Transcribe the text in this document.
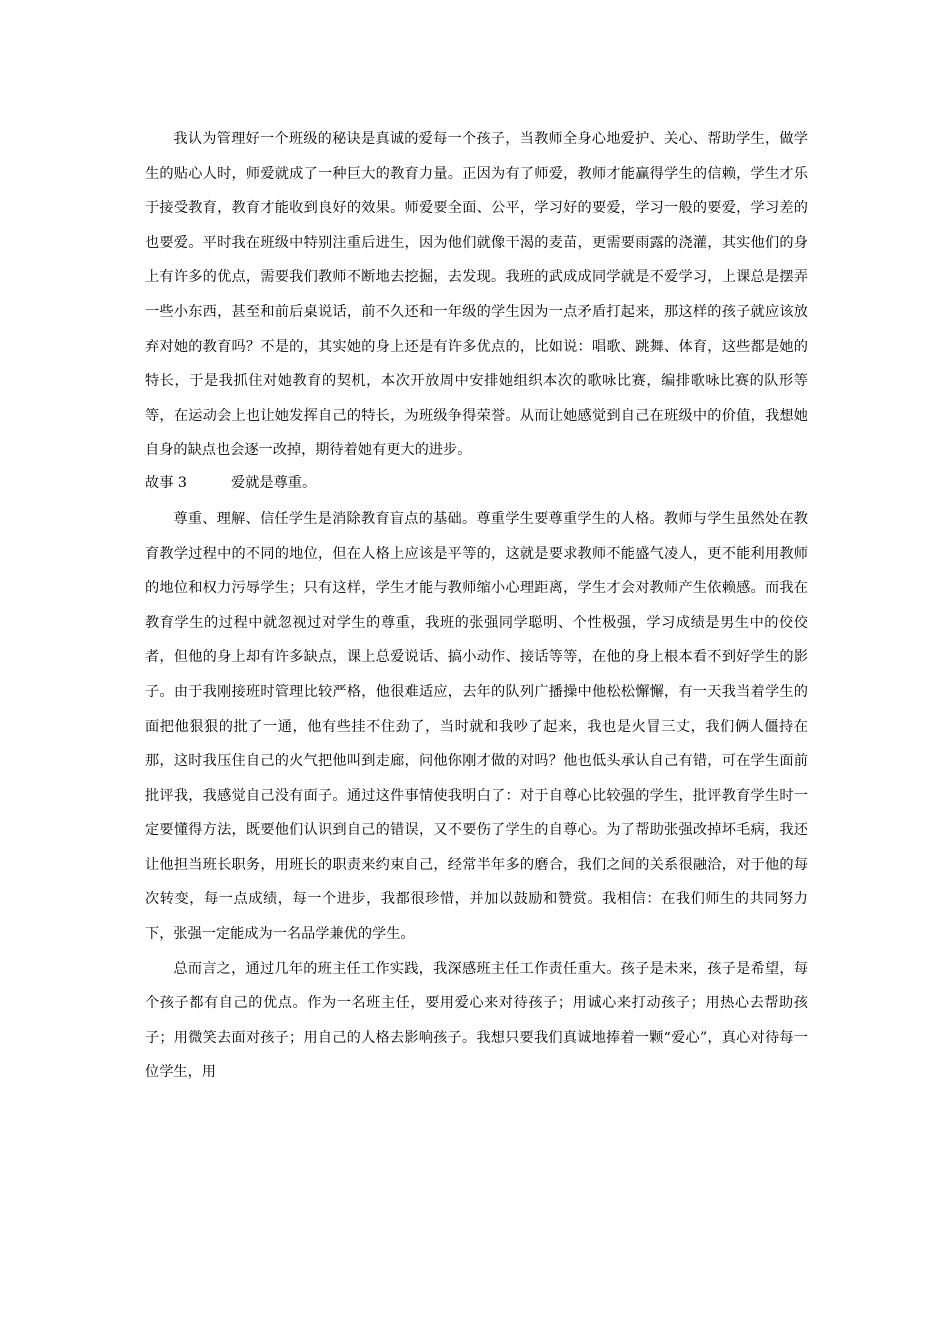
我认为管理好一个班级的秘诀是真诚的爱每一个孩子，当教师全身心地爱护、关心、帮助学生，做学生的贴心人时，师爱就成了一种巨大的教育力量。正因为有了师爱，教师才能赢得学生的信赖，学生才乐于接受教育，教育才能收到良好的效果。师爱要全面、公平，学习好的要爱，学习一般的要爱，学习差的也要爱。平时我在班级中特别注重后进生，因为他们就像干渴的麦苗，更需要雨露的浇灌，其实他们的身上有许多的优点，需要我们教师不断地去挖掘，去发现。我班的武成成同学就是不爱学习，上课总是摆弄一些小东西，甚至和前后桌说话，前不久还和一年级的学生因为一点矛盾打起来，那这样的孩子就应该放弃对她的教育吗？不是的，其实她的身上还是有许多优点的，比如说：唱歌、跳舞、体育，这些都是她的特长，于是我抓住对她教育的契机，本次开放周中安排她组织本次的歌咏比赛，编排歌咏比赛的队形等等，在运动会上也让她发挥自己的特长，为班级争得荣誉。从而让她感觉到自己在班级中的价值，我想她自身的缺点也会逐一改掉，期待着她有更大的进步。

故事 3	爱就是尊重。

尊重、理解、信任学生是消除教育盲点的基础。尊重学生要尊重学生的人格。教师与学生虽然处在教育教学过程中的不同的地位，但在人格上应该是平等的，这就是要求教师不能盛气凌人，更不能利用教师的地位和权力污辱学生；只有这样，学生才能与教师缩小心理距离，学生才会对教师产生依赖感。而我在教育学生的过程中就忽视过对学生的尊重，我班的张强同学聪明、个性极强，学习成绩是男生中的佼佼者，但他的身上却有许多缺点，课上总爱说话、搞小动作、接话等等，在他的身上根本看不到好学生的影子。由于我刚接班时管理比较严格，他很难适应，去年的队列广播操中他松松懈懈，有一天我当着学生的面把他狠狠的批了一通，他有些挂不住劲了，当时就和我吵了起来，我也是火冒三丈，我们俩人僵持在那，这时我压住自己的火气把他叫到走廊，问他你刚才做的对吗？他也低头承认自己有错，可在学生面前批评我，我感觉自己没有面子。通过这件事情使我明白了：对于自尊心比较强的学生，批评教育学生时一定要懂得方法，既要他们认识到自己的错误，又不要伤了学生的自尊心。为了帮助张强改掉坏毛病，我还让他担当班长职务，用班长的职责来约束自己，经常半年多的磨合，我们之间的关系很融洽，对于他的每次转变，每一点成绩，每一个进步，我都很珍惜，并加以鼓励和赞赏。我相信：在我们师生的共同努力下，张强一定能成为一名品学兼优的学生。

总而言之，通过几年的班主任工作实践，我深感班主任工作责任重大。孩子是未来，孩子是希望，每个孩子都有自己的优点。作为一名班主任，要用爱心来对待孩子；用诚心来打动孩子；用热心去帮助孩子；用微笑去面对孩子；用自己的人格去影响孩子。我想只要我们真诚地捧着一颗“爱心”，真心对待每一位学生，用
